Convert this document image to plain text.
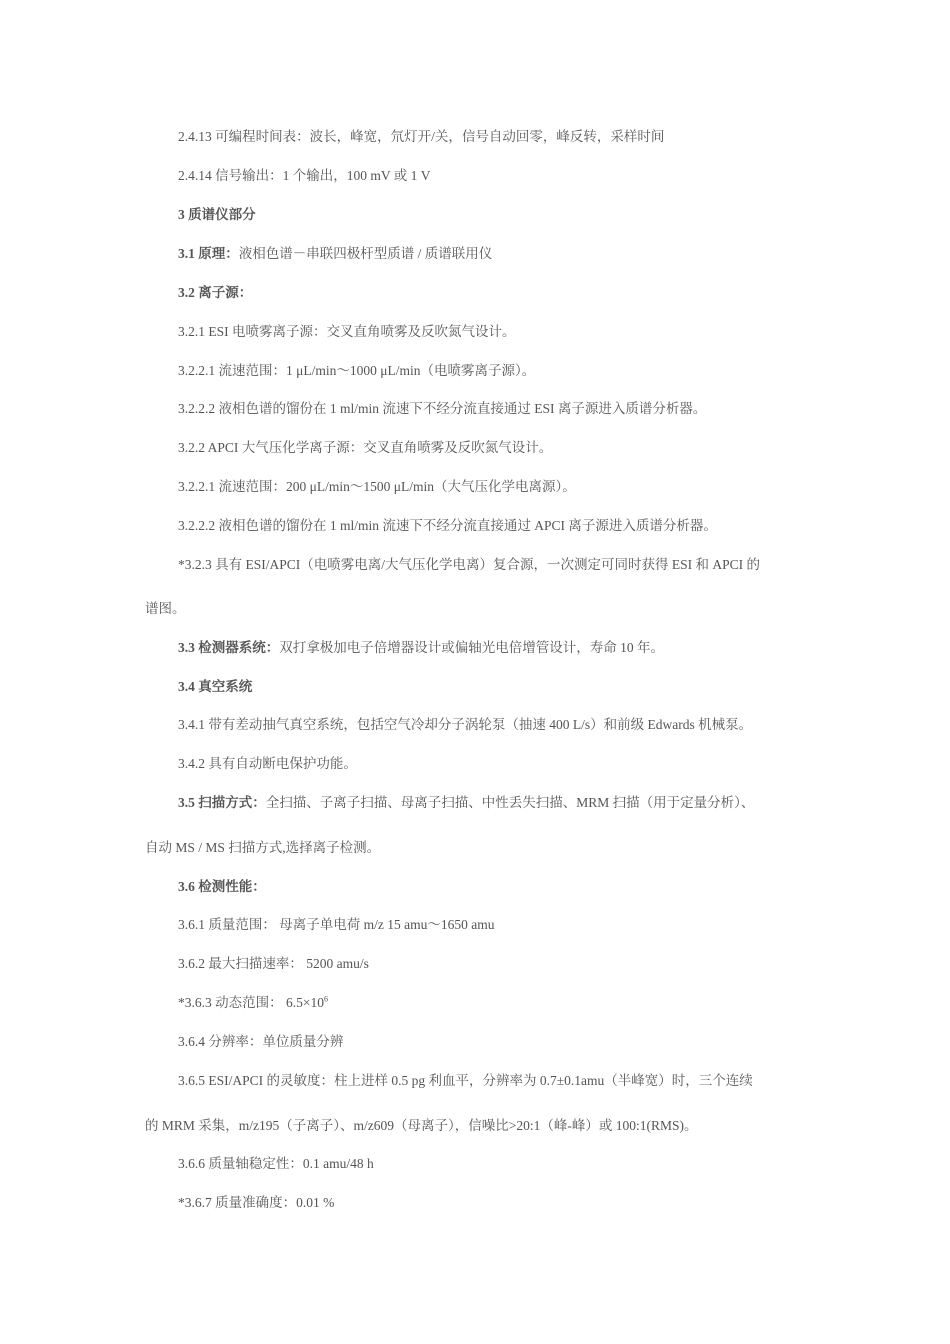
2.4.13 可编程时间表：波长，峰宽，氘灯开/关，信号自动回零，峰反转，采样时间
2.4.14 信号输出：1 个输出，100 mV 或 1 V
3 质谱仪部分
3.1 原理：液相色谱－串联四极杆型质谱 / 质谱联用仪
3.2 离子源：
3.2.1 ESI 电喷雾离子源：交叉直角喷雾及反吹氮气设计。
3.2.2.1 流速范围：1 μL/min～1000 μL/min（电喷雾离子源）。
3.2.2.2 液相色谱的馏份在 1 ml/min 流速下不经分流直接通过 ESI 离子源进入质谱分析器。
3.2.2 APCI 大气压化学离子源：交叉直角喷雾及反吹氮气设计。
3.2.2.1 流速范围：200 μL/min～1500 μL/min（大气压化学电离源）。
3.2.2.2 液相色谱的馏份在 1 ml/min 流速下不经分流直接通过 APCI 离子源进入质谱分析器。
*3.2.3 具有 ESI/APCI（电喷雾电离/大气压化学电离）复合源，一次测定可同时获得 ESI 和 APCI 的
谱图。
3.3 检测器系统：双打拿极加电子倍增器设计或偏轴光电倍增管设计，寿命 10 年。
3.4 真空系统
3.4.1 带有差动抽气真空系统，包括空气冷却分子涡轮泵（抽速 400 L/s）和前级 Edwards 机械泵。
3.4.2 具有自动断电保护功能。
3.5 扫描方式：全扫描、子离子扫描、母离子扫描、中性丢失扫描、MRM 扫描（用于定量分析）、
自动 MS / MS 扫描方式,选择离子检测。
3.6 检测性能：
3.6.1 质量范围： 母离子单电荷 m/z 15 amu～1650 amu
3.6.2 最大扫描速率： 5200 amu/s
*3.6.3 动态范围： $6.5\times 10^6$
3.6.4 分辨率：单位质量分辨
3.6.5 ESI/APCI 的灵敏度：柱上进样 0.5 pg 利血平，分辨率为 0.7±0.1amu（半峰宽）时，三个连续
的 MRM 采集，m/z195（子离子）、m/z609（母离子），信噪比>20:1（峰-峰）或 100:1(RMS)。
3.6.6 质量轴稳定性：0.1 amu/48 h
*3.6.7 质量准确度：0.01 %
